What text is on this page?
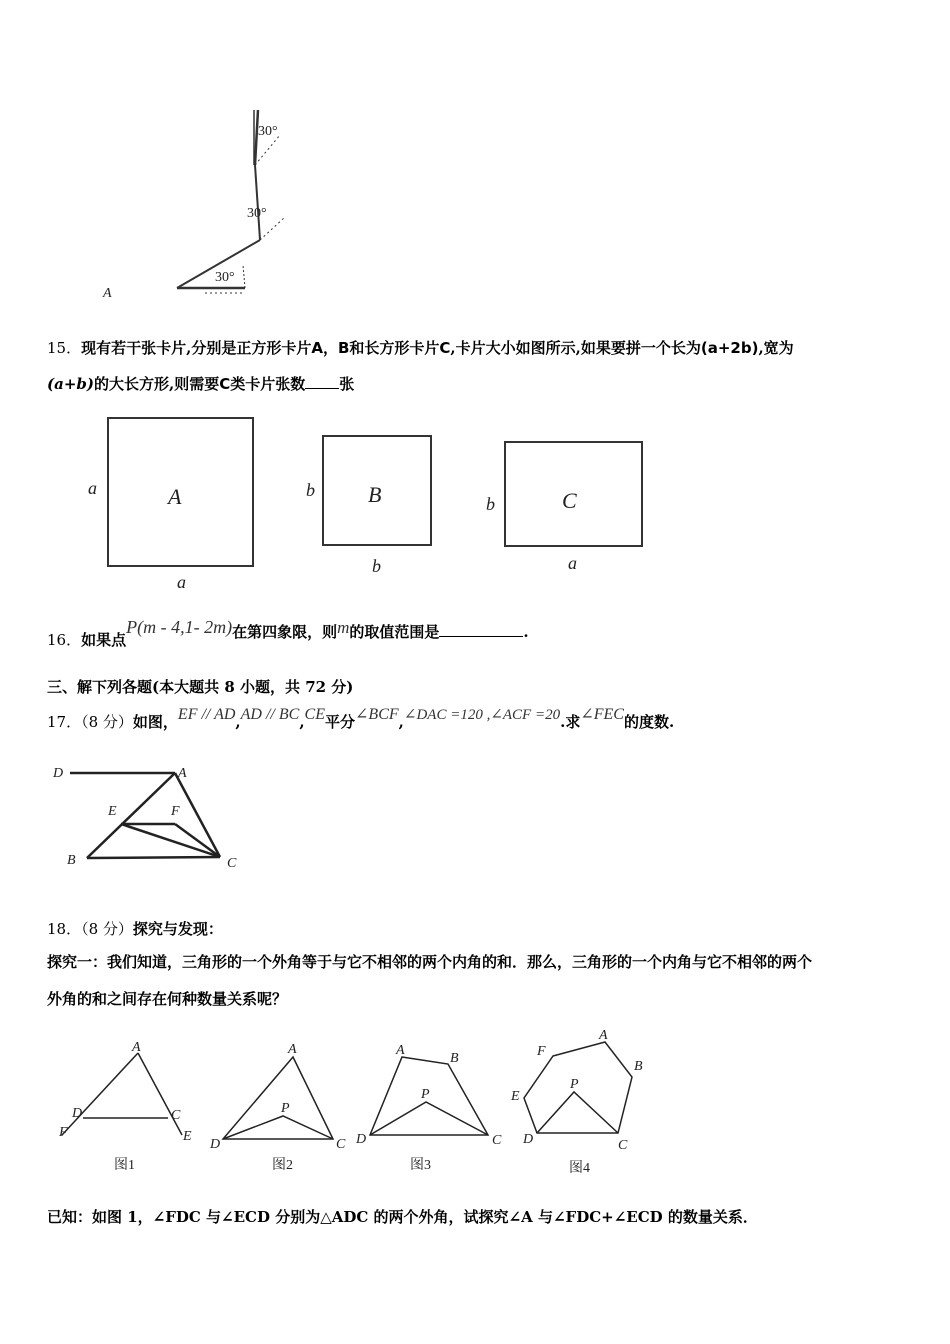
30°
30°
30°
A
15．现有若干张卡片,分别是正方形卡片A，B和长方形卡片C,卡片大小如图所示,如果要拼一个长为(a+2b),宽为
(a+b)的大长方形,则需要C类卡片张数 张
a	A
a
b B
b
b	C
a
16．如果点P(m - 4,1- 2m)在第四象限，则m的取值范围是	.
三、解下列各题(本大题共 8 小题，共 72 分)
17．（8 分）如图，EF // AD,AD // BC,CE平分∠BCF,∠DAC =120 ,∠ACF =20.求∠FEC的度数.
D	A
E	F
B	C
18．（8 分）探究与发现：
探究一：我们知道，三角形的一个外角等于与它不相邻的两个内角的和．那么，三角形的一个内角与它不相邻的两个
外角的和之间存在何种数量关系呢？
A
D	C
F	E
图1
A
P
D	C
图2
A
B
P
D	C
图3
F
A
B
E
P
D	C
图4
已知：如图 1，∠FDC 与∠ECD 分别为△ADC 的两个外角，试探究∠A 与∠FDC+∠ECD 的数量关系．
